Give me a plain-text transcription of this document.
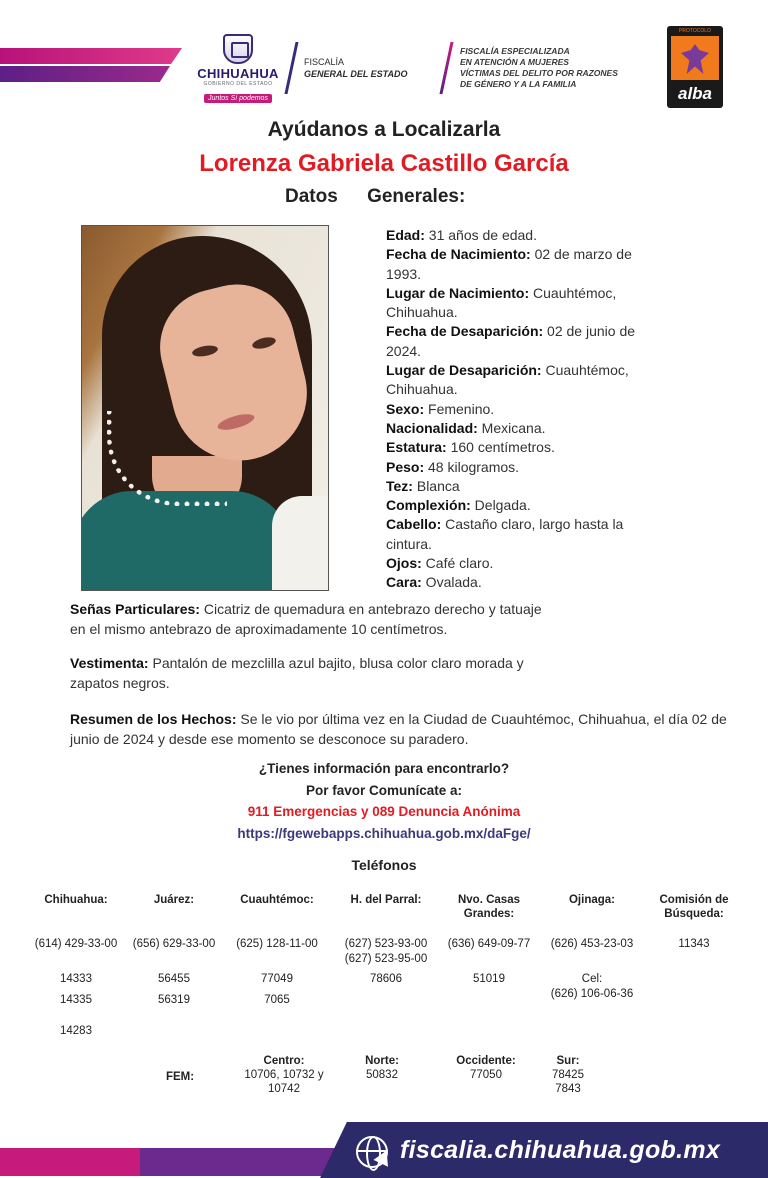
CHIHUAHUA
GOBIERNO DEL ESTADO
Juntos Sí podemos
FISCALÍA
GENERAL DEL ESTADO
FISCALÍA ESPECIALIZADA
EN ATENCIÓN A MUJERES
VÍCTIMAS DEL DELITO POR RAZONES
DE GÉNERO Y A LA FAMILIA
PROTOCOLO
alba
Ayúdanos a Localizarla
Lorenza Gabriela Castillo García
Datos Generales:
Edad: 31 años de edad.
Fecha de Nacimiento: 02 de marzo de 1993.
Lugar de Nacimiento: Cuauhtémoc, Chihuahua.
Fecha de Desaparición: 02 de junio de 2024.
Lugar de Desaparición: Cuauhtémoc, Chihuahua.
Sexo: Femenino.
Nacionalidad: Mexicana.
Estatura: 160 centímetros.
Peso: 48 kilogramos.
Tez: Blanca
Complexión: Delgada.
Cabello: Castaño claro, largo hasta la cintura.
Ojos: Café claro.
Cara: Ovalada.
Señas Particulares: Cicatriz de quemadura en antebrazo derecho y tatuaje en el mismo antebrazo de aproximadamente 10 centímetros.
Vestimenta: Pantalón de mezclilla azul bajito, blusa color claro morada y zapatos negros.
Resumen de los Hechos: Se le vio por última vez en la Ciudad de Cuauhtémoc, Chihuahua, el día 02 de junio de 2024 y desde ese momento se desconoce su paradero.
¿Tienes información para encontrarlo?
Por favor Comunícate a:
911 Emergencias y 089 Denuncia Anónima
https://fgewebapps.chihuahua.gob.mx/daFge/
Teléfonos
Chihuahua:
(614) 429-33-00
14333
14335
14283
Juárez:
(656) 629-33-00
56455
56319
Cuauhtémoc:
(625) 128-11-00
77049
7065
H. del Parral:
(627) 523-93-00
(627) 523-95-00
78606
Nvo. Casas Grandes:
(636) 649-09-77
51019
Ojinaga:
(626) 453-23-03
Cel:
(626) 106-06-36
Comisión de Búsqueda:
11343
FEM:
Centro:
10706, 10732 y 10742
Norte:
50832
Occidente:
77050
Sur:
78425 7843
fiscalia.chihuahua.gob.mx
